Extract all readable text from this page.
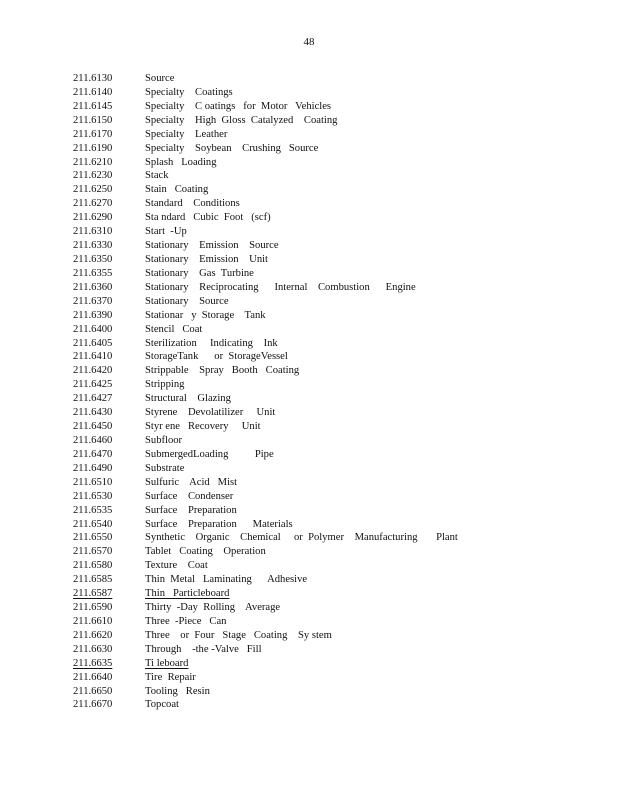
48
211.6130	Source
211.6140	Specialty    Coatings
211.6145	Specialty    C oatings   for  Motor   Vehicles
211.6150	Specialty    High  Gloss  Catalyzed    Coating
211.6170	Specialty    Leather
211.6190	Specialty    Soybean    Crushing   Source
211.6210	Splash   Loading
211.6230	Stack
211.6250	Stain   Coating
211.6270	Standard    Conditions
211.6290	Sta ndard   Cubic  Foot   (scf)
211.6310	Start  -Up
211.6330	Stationary    Emission    Source
211.6350	Stationary    Emission    Unit
211.6355	Stationary    Gas  Turbine
211.6360	Stationary    Reciprocating      Internal    Combustion      Engine
211.6370	Stationary    Source
211.6390	Stationar   y  Storage    Tank
211.6400	Stencil   Coat
211.6405	Sterilization     Indicating    Ink
211.6410	StorageTank      or  StorageVessel
211.6420	Strippable    Spray   Booth   Coating
211.6425	Stripping
211.6427	Structural    Glazing
211.6430	Styrene    Devolatilizer     Unit
211.6450	Styr ene   Recovery     Unit
211.6460	Subfloor
211.6470	SubmergedLoading          Pipe
211.6490	Substrate
211.6510	Sulfuric    Acid   Mist
211.6530	Surface    Condenser
211.6535	Surface    Preparation
211.6540	Surface    Preparation      Materials
211.6550	Synthetic    Organic    Chemical     or  Polymer    Manufacturing       Plant
211.6570	Tablet   Coating    Operation
211.6580	Texture    Coat
211.6585	Thin  Metal   Laminating      Adhesive
211.6587	Thin   Particleboard
211.6590	Thirty  -Day  Rolling    Average
211.6610	Three  -Piece   Can
211.6620	Three    or  Four   Stage   Coating    Sy stem
211.6630	Through    -the -Valve   Fill
211.6635	Ti leboard
211.6640	Tire  Repair
211.6650	Tooling   Resin
211.6670	Topcoat
